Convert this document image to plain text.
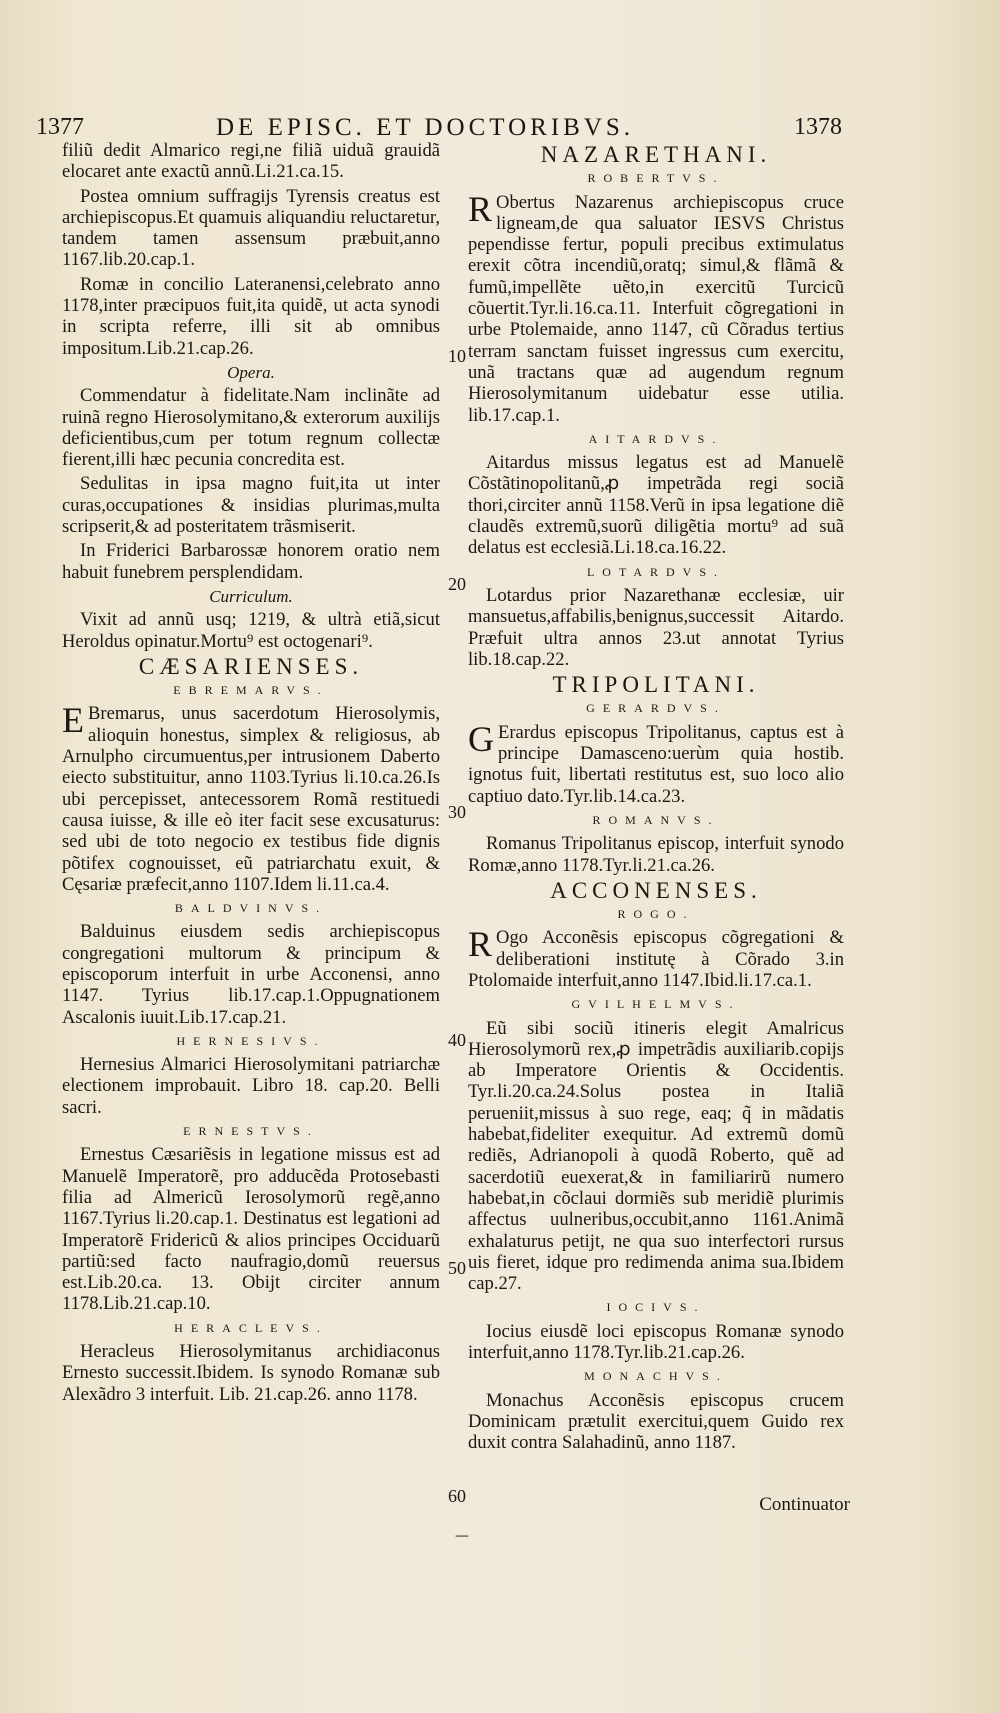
1377	DE EPISC. ET DOCTORIBVS.	1378

filiũ dedit Almarico regi,ne filiã uiduã grauidã elocaret ante exactũ annũ.Li.21.ca.15.

Postea omnium suffragijs Tyrensis creatus est archiepiscopus.Et quamuis aliquandiu reluctaretur, tandem tamen assensum præbuit,anno 1167.lib.20.cap.1.

Romæ in concilio Lateranensi,celebrato anno 1178,inter præcipuos fuit,ita quidẽ, ut acta synodi in scripta referre, illi sit ab omnibus impositum.Lib.21.cap.26.

Opera.

Commendatur à fidelitate.Nam inclinãte ad ruinã regno Hierosolymitano,& exterorum auxilijs deficientibus,cum per totum regnum collectæ fierent,illi hæc pecunia concredita est.

Sedulitas in ipsa magno fuit,ita ut inter curas,occupationes & insidias plurimas,multa scripserit,& ad posteritatem trãsmiserit.

In Friderici Barbarossæ honorem oratio nem habuit funebrem persplendidam.

Curriculum.

Vixit ad annũ usq; 1219, & ultrà etiã,sicut Heroldus opinatur.Mortu⁹ est octogenari⁹.

CÆSARIENSES.
EBREMARVS.

E Bremarus, unus sacerdotum Hierosolymis, alioquin honestus, simplex & religiosus, ab Arnulpho circumuentus,per intrusionem Daberto eiecto substituitur, anno 1103.Tyrius li.10.ca.26.Is ubi percepisset, antecessorem Romã restituedi causa iuisse, & ille eò iter facit sese excusaturus: sed ubi de toto negocio ex testibus fide dignis põtifex cognouisset, eũ patriarchatu exuit, & Cęsariæ præfecit,anno 1107.Idem li.11.ca.4.

BALDVINVS.

Balduinus eiusdem sedis archiepiscopus congregationi multorum & principum & episcoporum interfuit in urbe Acconensi, anno 1147. Tyrius lib.17.cap.1.Oppugnationem Ascalonis iuuit.Lib.17.cap.21.

HERNESIVS.

Hernesius Almarici Hierosolymitani patriarchæ electionem improbauit. Libro 18. cap.20. Belli sacri.

ERNESTVS.

Ernestus Cæsariẽsis in legatione missus est ad Manuelẽ Imperatorẽ, pro adducẽda Protosebasti filia ad Almericũ Ierosolymorũ regẽ,anno 1167.Tyrius li.20.cap.1. Destinatus est legationi ad Imperatorẽ Fridericũ & alios principes Occiduarũ partiũ:sed facto naufragio,domũ reuersus est.Lib.20.ca. 13. Obijt circiter annum 1178.Lib.21.cap.10.

HERACLEVS.

Heracleus Hierosolymitanus archidiaconus Ernesto successit.Ibidem. Is synodo Romanæ sub Alexãdro 3 interfuit. Lib. 21.cap.26. anno 1178.

NAZARETHANI.
ROBERTVS.

R Obertus Nazarenus archiepiscopus cruce ligneam,de qua saluator IESVS Christus pependisse fertur, populi precibus extimulatus erexit cõtra incendiũ,oratq; simul,& flãmã & fumũ,impellẽte uẽto,in exercitũ Turcicũ cõuertit.Tyr.li.16.ca.11. Interfuit cõgregationi in urbe Ptolemaide, anno 1147, cũ Cõradus tertius terram sanctam fuisset ingressus cum exercitu, unã tractans quæ ad augendum regnum Hierosolymitanum uidebatur esse utilia. lib.17.cap.1.

AITARDVS.

Aitardus missus legatus est ad Manuelẽ Cõstãtinopolitanũ,ꝓ impetrãda regi sociã thori,circiter annũ 1158.Verũ in ipsa legatione diẽ claudẽs extremũ,suorũ diligẽtia mortu⁹ ad suã delatus est ecclesiã.Li.18.ca.16.22.

LOTARDVS.

Lotardus prior Nazarethanæ ecclesiæ, uir mansuetus,affabilis,benignus,successit Aitardo. Præfuit ultra annos 23.ut annotat Tyrius lib.18.cap.22.

TRIPOLITANI.
GERARDVS.

G Erardus episcopus Tripolitanus, captus est à principe Damasceno:uerùm quia hostib. ignotus fuit, libertati restitutus est, suo loco alio captiuo dato.Tyr.lib.14.ca.23.

ROMANVS.

Romanus Tripolitanus episcop, interfuit synodo Romæ,anno 1178.Tyr.li.21.ca.26.

ACCONENSES.
ROGO.

R Ogo Acconẽsis episcopus cõgregationi & deliberationi institutę à Cõrado 3.in Ptolomaide interfuit,anno 1147.Ibid.li.17.ca.1.

GVILHELMVS.

Eũ sibi sociũ itineris elegit Amalricus Hierosolymorũ rex,ꝓ impetrãdis auxiliarib.copijs ab Imperatore Orientis & Occidentis. Tyr.li.20.ca.24.Solus postea in Italiã perueniit,missus à suo rege, eaq; q̃ in mãdatis habebat,fideliter exequitur. Ad extremũ domũ rediẽs, Adrianopoli à quodã Roberto, quẽ ad sacerdotiũ euexerat,& in familiarirũ numero habebat,in cõclaui dormiẽs sub meridiẽ plurimis affectus uulneribus,occubit,anno 1161.Animã exhalaturus petijt, ne qua suo interfectori rursus uis fieret, idque pro redimenda anima sua.Ibidem cap.27.

IOCIVS.

Iocius eiusdẽ loci episcopus Romanæ synodo interfuit,anno 1178.Tyr.lib.21.cap.26.

MONACHVS.

Monachus Acconẽsis episcopus crucem Dominicam prætulit exercitui,quem Guido rex duxit contra Salahadinũ, anno 1187.

10
20
30
40
50
60
—
Continuator
